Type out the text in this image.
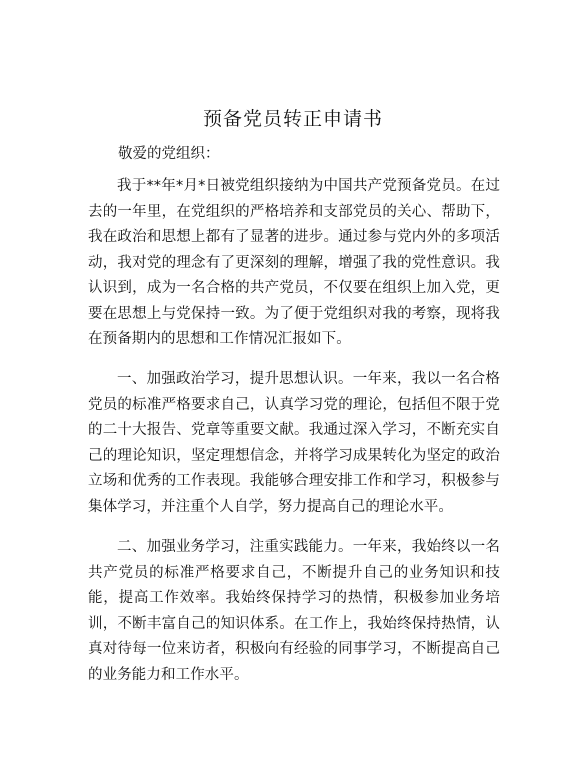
预备党员转正申请书

敬爱的党组织：

我于**年*月*日被党组织接纳为中国共产党预备党员。在过去的一年里，在党组织的严格培养和支部党员的关心、帮助下，我在政治和思想上都有了显著的进步。通过参与党内外的多项活动，我对党的理念有了更深刻的理解，增强了我的党性意识。我认识到，成为一名合格的共产党员，不仅要在组织上加入党，更要在思想上与党保持一致。为了便于党组织对我的考察，现将我在预备期内的思想和工作情况汇报如下。

一、加强政治学习，提升思想认识。一年来，我以一名合格党员的标准严格要求自己，认真学习党的理论，包括但不限于党的二十大报告、党章等重要文献。我通过深入学习，不断充实自己的理论知识，坚定理想信念，并将学习成果转化为坚定的政治立场和优秀的工作表现。我能够合理安排工作和学习，积极参与集体学习，并注重个人自学，努力提高自己的理论水平。

二、加强业务学习，注重实践能力。一年来，我始终以一名共产党员的标准严格要求自己，不断提升自己的业务知识和技能，提高工作效率。我始终保持学习的热情，积极参加业务培训，不断丰富自己的知识体系。在工作上，我始终保持热情，认真对待每一位来访者，积极向有经验的同事学习，不断提高自己的业务能力和工作水平。
